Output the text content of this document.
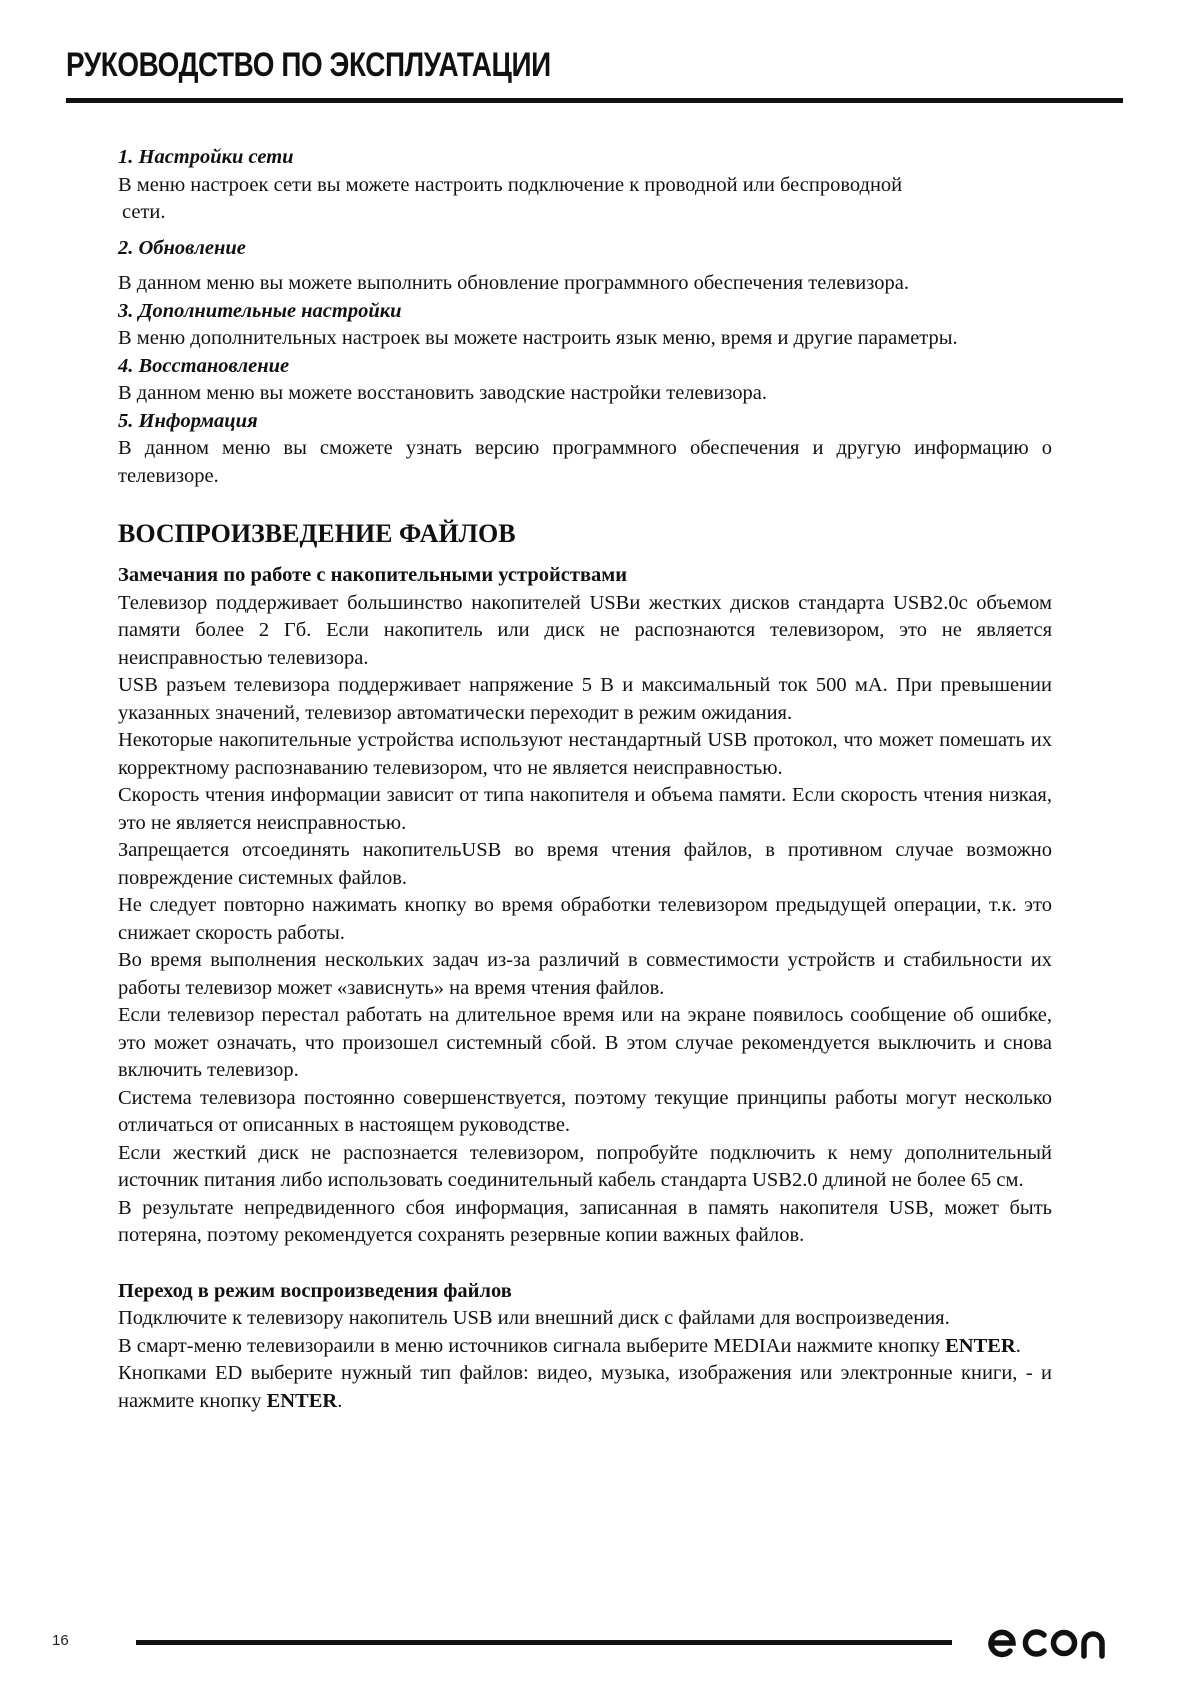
РУКОВОДСТВО ПО ЭКСПЛУАТАЦИИ

1. Настройки сети

В меню настроек сети вы можете настроить подключение к проводной или беспроводной
сети.

2. Обновление

В данном меню вы можете выполнить обновление программного обеспечения телевизора.

3. Дополнительные настройки

В меню дополнительных настроек вы можете настроить язык меню, время и другие параметры.

4. Восстановление

В данном меню вы можете восстановить заводские настройки телевизора.

5. Информация

В данном меню вы сможете узнать версию программного обеспечения и другую информацию о телевизоре.

ВОСПРОИЗВЕДЕНИЕ ФАЙЛОВ

Замечания по работе с накопительными устройствами

Телевизор поддерживает большинство накопителей USBи жестких дисков стандарта USB2.0с объемом памяти более 2 Гб. Если накопитель или диск не распознаются телевизором, это не является неисправностью телевизора.

USB разъем телевизора поддерживает напряжение 5 В и максимальный ток 500 мА. При превышении указанных значений, телевизор автоматически переходит в режим ожидания.

Некоторые накопительные устройства используют нестандартный USB протокол, что может помешать их корректному распознаванию телевизором, что не является неисправностью.

Скорость чтения информации зависит от типа накопителя и объема памяти. Если скорость чтения низкая, это не является неисправностью.

Запрещается отсоединять накопительUSB во время чтения файлов, в противном случае возможно повреждение системных файлов.

Не следует повторно нажимать кнопку во время обработки телевизором предыдущей операции, т.к. это снижает скорость работы.

Во время выполнения нескольких задач из-за различий в совместимости устройств и стабильности их работы телевизор может «зависнуть» на время чтения файлов.

Если телевизор перестал работать на длительное время или на экране появилось сообщение об ошибке, это может означать, что произошел системный сбой. В этом случае рекомендуется выключить и снова включить телевизор.

Система телевизора постоянно совершенствуется, поэтому текущие принципы работы могут несколько отличаться от описанных в настоящем руководстве.

Если жесткий диск не распознается телевизором, попробуйте подключить к нему дополнительный источник питания либо использовать соединительный кабель стандарта USB2.0 длиной не более 65 см.

В результате непредвиденного сбоя информация, записанная в память накопителя USB, может быть потеряна, поэтому рекомендуется сохранять резервные копии важных файлов.

Переход в режим воспроизведения файлов

Подключите к телевизору накопитель USB или внешний диск с файлами для воспроизведения.

В смарт-меню телевизораили в меню источников сигнала выберите MEDIAи нажмите кнопку ENTER.

Кнопками ED выберите нужный тип файлов: видео, музыка, изображения или электронные книги, - и нажмите кнопку ENTER.

16
